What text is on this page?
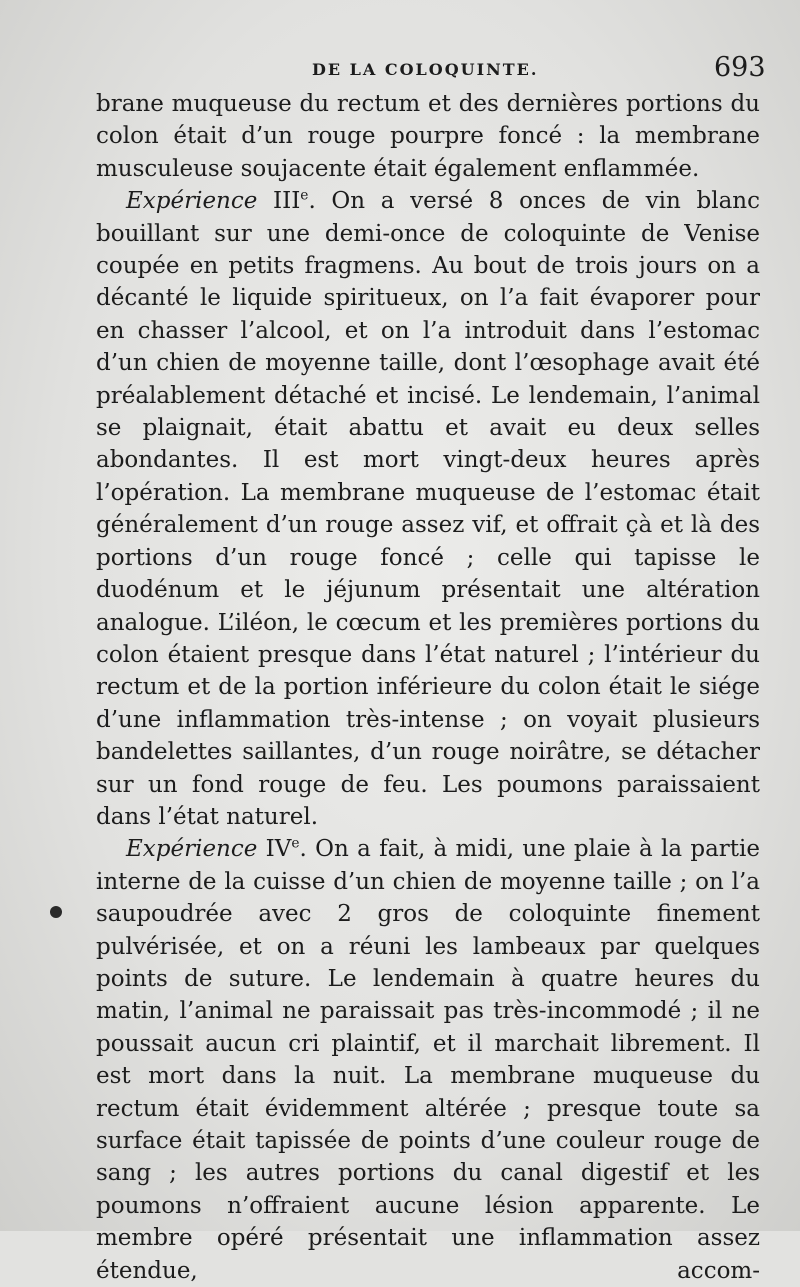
DE LA COLOQUINTE.	693

brane muqueuse du rectum et des dernières portions du colon était d’un rouge pourpre foncé : la membrane musculeuse soujacente était également enflammée.

Expérience IIIe. On a versé 8 onces de vin blanc bouillant sur une demi-once de coloquinte de Venise coupée en petits fragmens. Au bout de trois jours on a décanté le liquide spiritueux, on l’a fait évaporer pour en chasser l’alcool, et on l’a introduit dans l’estomac d’un chien de moyenne taille, dont l’œsophage avait été préalablement détaché et incisé. Le lendemain, l’animal se plaignait, était abattu et avait eu deux selles abondantes. Il est mort vingt-deux heures après l’opération. La membrane muqueuse de l’estomac était généralement d’un rouge assez vif, et offrait çà et là des portions d’un rouge foncé ; celle qui tapisse le duodénum et le jéjunum présentait une altération analogue. L’iléon, le cœcum et les premières portions du colon étaient presque dans l’état naturel ; l’intérieur du rectum et de la portion inférieure du colon était le siége d’une inflammation très-intense ; on voyait plusieurs bandelettes saillantes, d’un rouge noirâtre, se détacher sur un fond rouge de feu. Les poumons paraissaient dans l’état naturel.

Expérience IVe. On a fait, à midi, une plaie à la partie interne de la cuisse d’un chien de moyenne taille ; on l’a saupoudrée avec 2 gros de coloquinte finement pulvérisée, et on a réuni les lambeaux par quelques points de suture. Le lendemain à quatre heures du matin, l’animal ne paraissait pas très-incommodé ; il ne poussait aucun cri plaintif, et il marchait librement. Il est mort dans la nuit. La membrane muqueuse du rectum était évidemment altérée ; presque toute sa surface était tapissée de points d’une couleur rouge de sang ; les autres portions du canal digestif et les poumons n’offraient aucune lésion apparente. Le membre opéré présentait une inflammation assez étendue, accom-
